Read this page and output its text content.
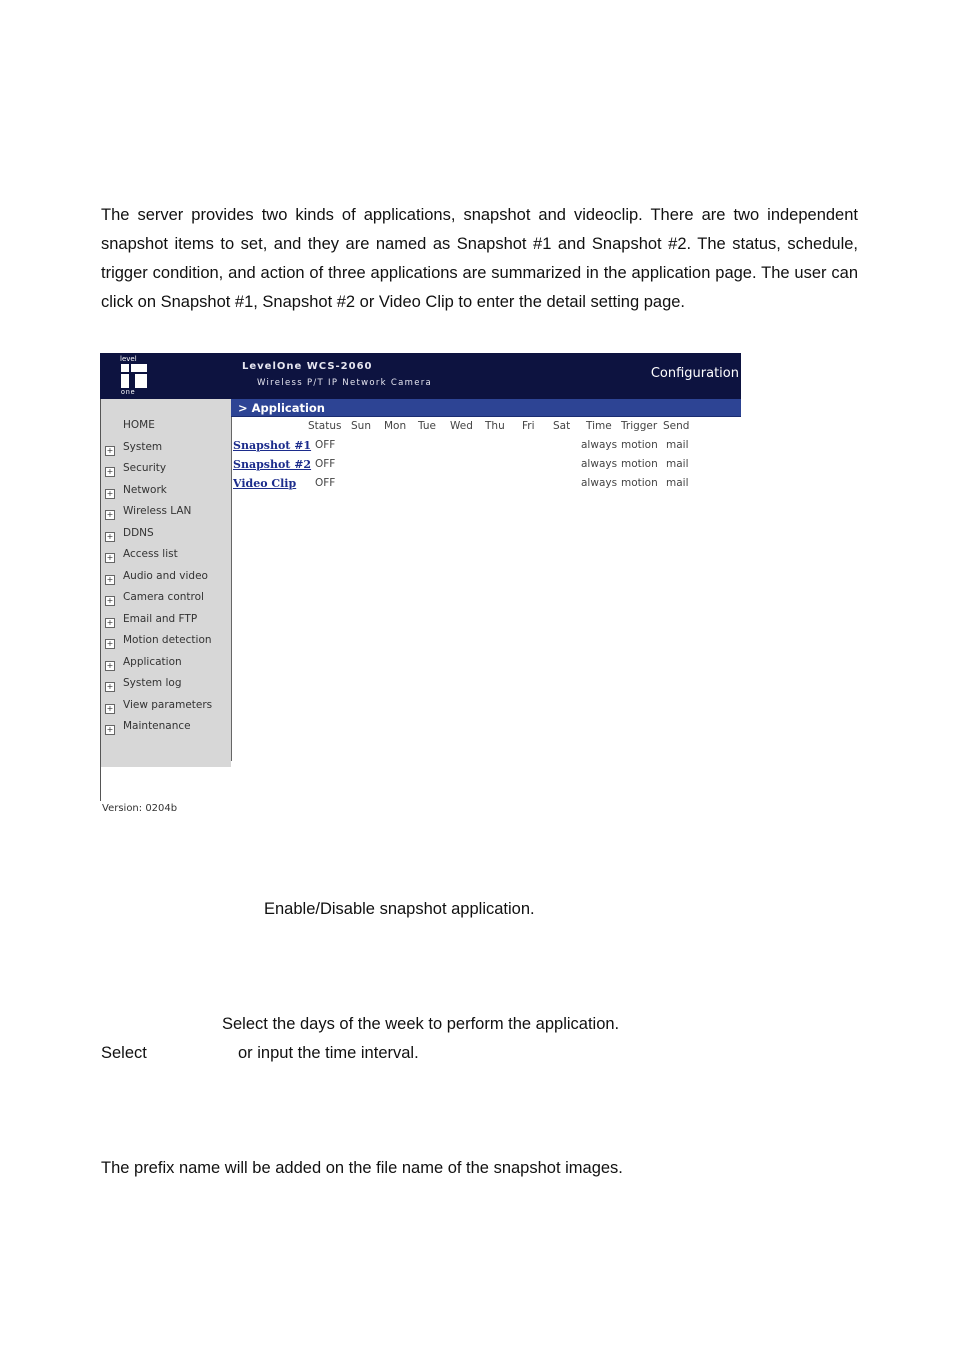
The server provides two kinds of applications, snapshot and videoclip. There are two independent snapshot items to set, and they are named as Snapshot #1 and Snapshot #2. The status, schedule, trigger condition, and action of three applications are summarized in the application page. The user can click on Snapshot #1, Snapshot #2 or Video Clip to enter the detail setting page.

level
one
LevelOne WCS-2060
Wireless P/T IP Network Camera
Configuration
HOME
+ System
+ Security
+ Network
+ Wireless LAN
+ DDNS
+ Access list
+ Audio and video
+ Camera control
+ Email and FTP
+ Motion detection
+ Application
+ System log
+ View parameters
+ Maintenance
Version: 0204b
> Application
Status Sun Mon Tue Wed Thu Fri Sat Time Trigger Send
Snapshot #1 OFF	always motion mail
Snapshot #2 OFF	always motion mail
Video Clip OFF	always motion mail
Enable/Disable snapshot application.
Select the days of the week to perform the application.
Select	or input the time interval.
The prefix name will be added on the file name of the snapshot images.
